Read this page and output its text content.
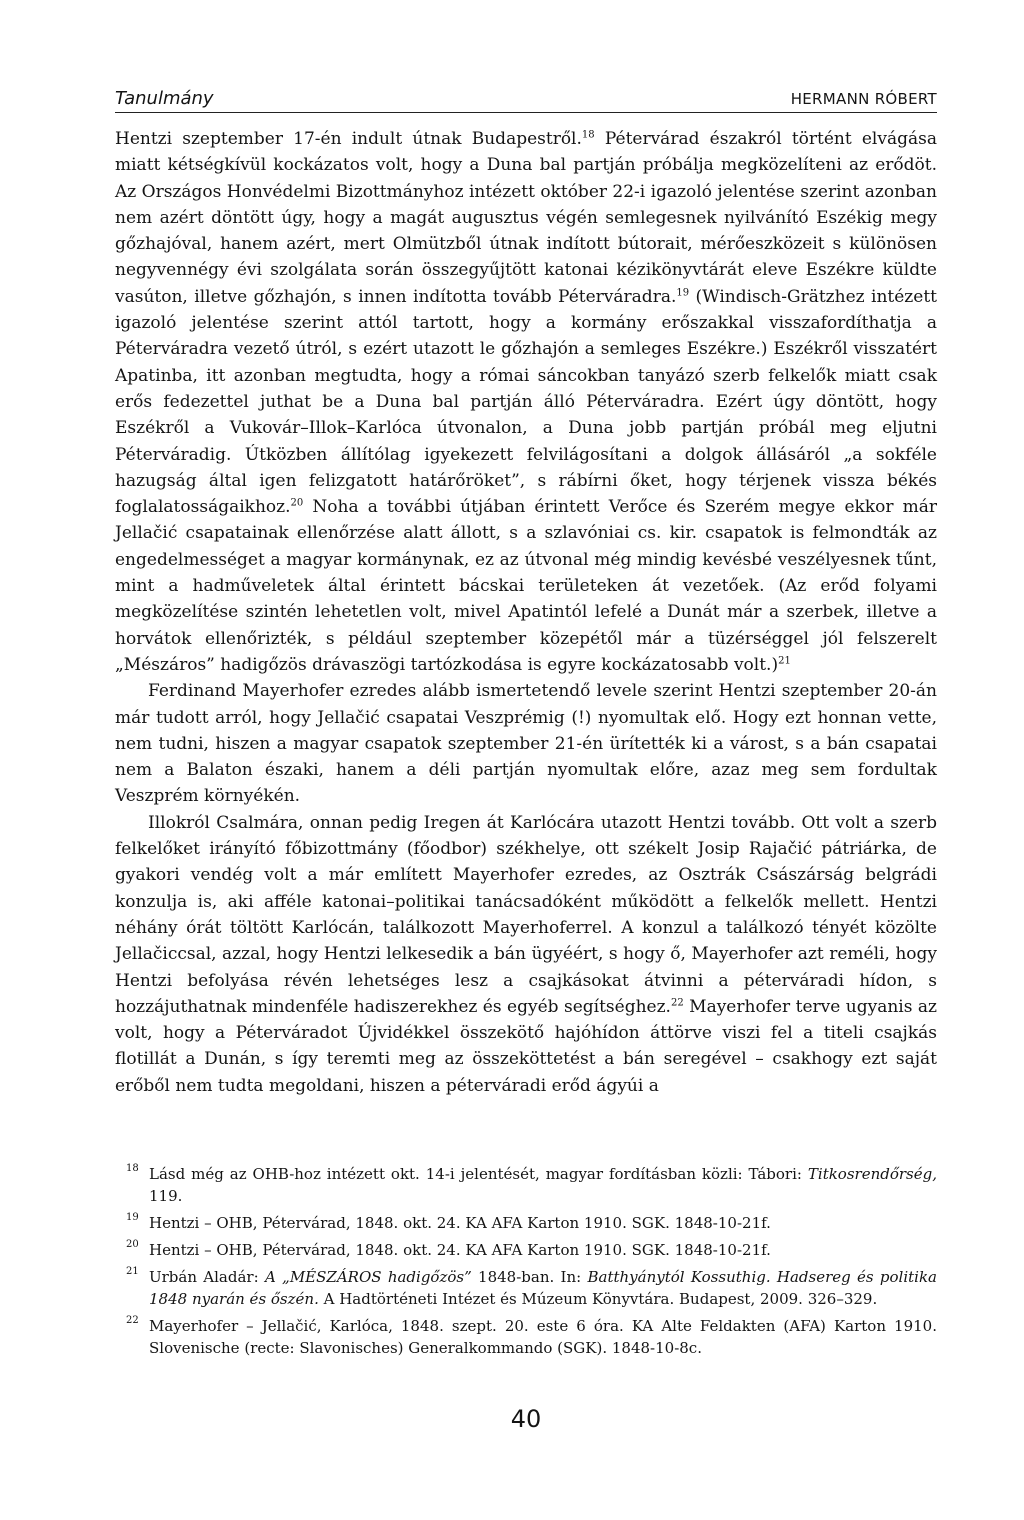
Tanulmány	HERMANN RÓBERT

Hentzi szeptember 17-én indult útnak Budapestről.$^{18}$ Pétervárad északról történt elvágása miatt kétségkívül kockázatos volt, hogy a Duna bal partján próbálja megközelíteni az erődöt. Az Országos Honvédelmi Bizottmányhoz intézett október 22-i igazoló jelentése szerint azonban nem azért döntött úgy, hogy a magát augusztus végén semlegesnek nyilvánító Eszékig megy gőzhajóval, hanem azért, mert Olmützből útnak indított bútorait, mérőeszközeit s különösen negyvennégy évi szolgálata során összegyűjtött katonai kézikönyvtárát eleve Eszékre küldte vasúton, illetve gőzhajón, s innen indította tovább Péterváradra.$^{19}$ (Windisch-Grätzhez intézett igazoló jelentése szerint attól tartott, hogy a kormány erőszakkal visszafordíthatja a Péterváradra vezető útról, s ezért utazott le gőzhajón a semleges Eszékre.) Eszékről visszatért Apatinba, itt azonban megtudta, hogy a római sáncokban tanyázó szerb felkelők miatt csak erős fedezettel juthat be a Duna bal partján álló Péterváradra. Ezért úgy döntött, hogy Eszékről a Vukovár–Illok–Karlóca útvonalon, a Duna jobb partján próbál meg eljutni Péterváradig. Útközben állítólag igyekezett felvilágosítani a dolgok állásáról „a sokféle hazugság által igen felizgatott határőröket”, s rábírni őket, hogy térjenek vissza békés foglalatosságaikhoz.$^{20}$ Noha a további útjában érintett Verőce és Szerém megye ekkor már Jellačić csapatainak ellenőrzése alatt állott, s a szlavóniai cs. kir. csapatok is felmondták az engedelmességet a magyar kormánynak, ez az útvonal még mindig kevésbé veszélyesnek tűnt, mint a hadműveletek által érintett bácskai területeken át vezetőek. (Az erőd folyami megközelítése szintén lehetetlen volt, mivel Apatintól lefelé a Dunát már a szerbek, illetve a horvátok ellenőrizték, s például szeptember közepétől már a tüzérséggel jól felszerelt „Mészáros” hadigőzös drávaszögi tartózkodása is egyre kockázatosabb volt.)$^{21}$

Ferdinand Mayerhofer ezredes alább ismertetendő levele szerint Hentzi szeptember 20-án már tudott arról, hogy Jellačić csapatai Veszprémig (!) nyomultak elő. Hogy ezt honnan vette, nem tudni, hiszen a magyar csapatok szeptember 21-én ürítették ki a várost, s a bán csapatai nem a Balaton északi, hanem a déli partján nyomultak előre, azaz meg sem fordultak Veszprém környékén.

Illokról Csalmára, onnan pedig Iregen át Karlócára utazott Hentzi tovább. Ott volt a szerb felkelőket irányító főbizottmány (főodbor) székhelye, ott székelt Josip Rajačić pátriárka, de gyakori vendég volt a már említett Mayerhofer ezredes, az Osztrák Császárság belgrádi konzulja is, aki afféle katonai–politikai tanácsadóként működött a felkelők mellett. Hentzi néhány órát töltött Karlócán, találkozott Mayerhoferrel. A konzul a találkozó tényét közölte Jellačiccsal, azzal, hogy Hentzi lelkesedik a bán ügyéért, s hogy ő, Mayerhofer azt reméli, hogy Hentzi befolyása révén lehetséges lesz a csajkásokat átvinni a péterváradi hídon, s hozzájuthatnak mindenféle hadiszerekhez és egyéb segítséghez.$^{22}$ Mayerhofer terve ugyanis az volt, hogy a Péterváradot Újvidékkel összekötő hajóhídon áttörve viszi fel a titeli csajkás flotillát a Dunán, s így teremti meg az összeköttetést a bán seregével – csakhogy ezt saját erőből nem tudta megoldani, hiszen a péterváradi erőd ágyúi a

18 Lásd még az OHB-hoz intézett okt. 14-i jelentését, magyar fordításban közli: Tábori: Titkosrendőrség, 119.
19 Hentzi – OHB, Pétervárad, 1848. okt. 24. KA AFA Karton 1910. SGK. 1848-10-21f.
20 Hentzi – OHB, Pétervárad, 1848. okt. 24. KA AFA Karton 1910. SGK. 1848-10-21f.
21 Urbán Aladár: A „MÉSZÁROS hadigőzös” 1848-ban. In: Batthyánytól Kossuthig. Hadsereg és politika 1848 nyarán és őszén. A Hadtörténeti Intézet és Múzeum Könyvtára. Budapest, 2009. 326–329.
22 Mayerhofer – Jellačić, Karlóca, 1848. szept. 20. este 6 óra. KA Alte Feldakten (AFA) Karton 1910. Slovenische (recte: Slavonisches) Generalkommando (SGK). 1848-10-8c.
40
